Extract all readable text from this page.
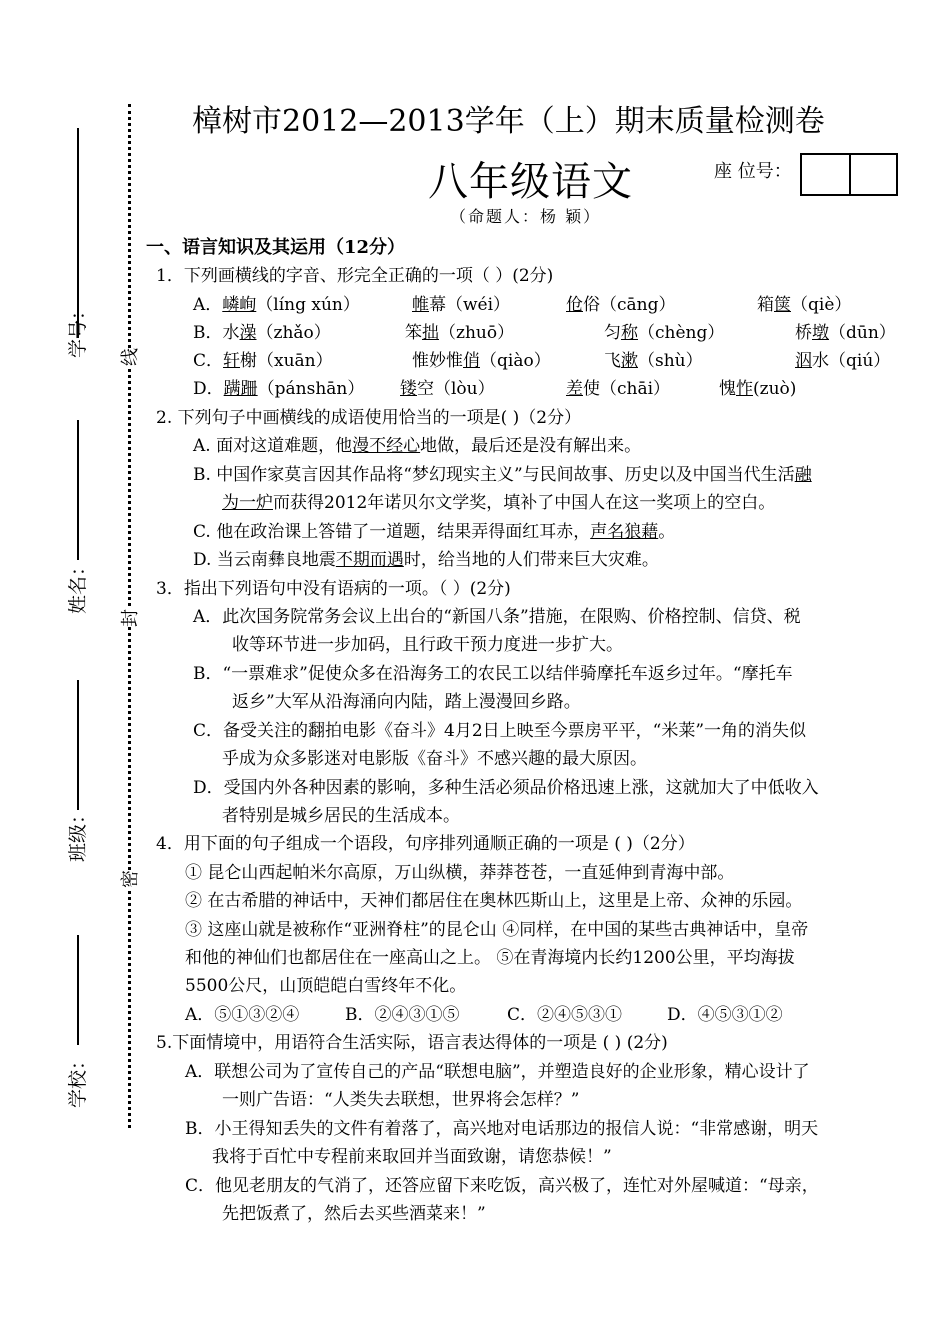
学号：
姓名：
班级：
学校：
线
封
密
樟树市2012—2013学年（上）期末质量检测卷
八年级语文	座 位号：
（命题人：杨 颖）
一、语言知识及其运用（12分）
1．下列画横线的字音、形完全正确的一项（ ）(2分)
A．嶙峋（líng xún）	帷幕（wéi）	伧俗（cāng）	箱箧（qiè）
B．水澡（zhǎo）	笨拙（zhuō）	匀称（chèng）	桥墩（dūn）
C．轩榭（xuān）	惟妙惟俏（qiào）	飞漱（shù）	泅水（qiú）
D．蹒跚（pánshān） 镂空（lòu）	差使（chāi）	愧怍(zuò)
2. 下列句子中画横线的成语使用恰当的一项是( )（2分）
A. 面对这道难题，他漫不经心地做，最后还是没有解出来。
B. 中国作家莫言因其作品将“梦幻现实主义”与民间故事、历史以及中国当代生活融
为一炉而获得2012年诺贝尔文学奖，填补了中国人在这一奖项上的空白。
C. 他在政治课上答错了一道题，结果弄得面红耳赤，声名狼藉。
D. 当云南彝良地震不期而遇时，给当地的人们带来巨大灾难。
3．指出下列语句中没有语病的一项。（ ）(2分)
A．此次国务院常务会议上出台的“新国八条”措施，在限购、价格控制、信贷、税
收等环节进一步加码，且行政干预力度进一步扩大。
B．“一票难求”促使众多在沿海务工的农民工以结伴骑摩托车返乡过年。“摩托车
返乡”大军从沿海涌向内陆，踏上漫漫回乡路。
C．备受关注的翻拍电影《奋斗》4月2日上映至今票房平平，“米莱”一角的消失似
乎成为众多影迷对电影版《奋斗》不感兴趣的最大原因。
D．受国内外各种因素的影响，多种生活必须品价格迅速上涨，这就加大了中低收入
者特别是城乡居民的生活成本。
4．用下面的句子组成一个语段，句序排列通顺正确的一项是 ( )（2分）
① 昆仑山西起帕米尔高原，万山纵横，莽莽苍苍，一直延伸到青海中部。
② 在古希腊的神话中，天神们都居住在奥林匹斯山上，这里是上帝、众神的乐园。
③ 这座山就是被称作“亚洲脊柱”的昆仑山 ④同样，在中国的某些古典神话中，皇帝
和他的神仙们也都居住在一座高山之上。 ⑤在青海境内长约1200公里，平均海拔
5500公尺，山顶皑皑白雪终年不化。
A．⑤①③②④	B．②④③①⑤	C．②④⑤③①	D．④⑤③①②
5.下面情境中，用语符合生活实际，语言表达得体的一项是 ( ) (2分)
A．联想公司为了宣传自己的产品“联想电脑”，并塑造良好的企业形象，精心设计了
一则广告语：“人类失去联想，世界将会怎样？”
B．小王得知丢失的文件有着落了，高兴地对电话那边的报信人说：“非常感谢，明天
我将于百忙中专程前来取回并当面致谢，请您恭候！”
C．他见老朋友的气消了，还答应留下来吃饭，高兴极了，连忙对外屋喊道：“母亲，
先把饭煮了，然后去买些酒菜来！”
